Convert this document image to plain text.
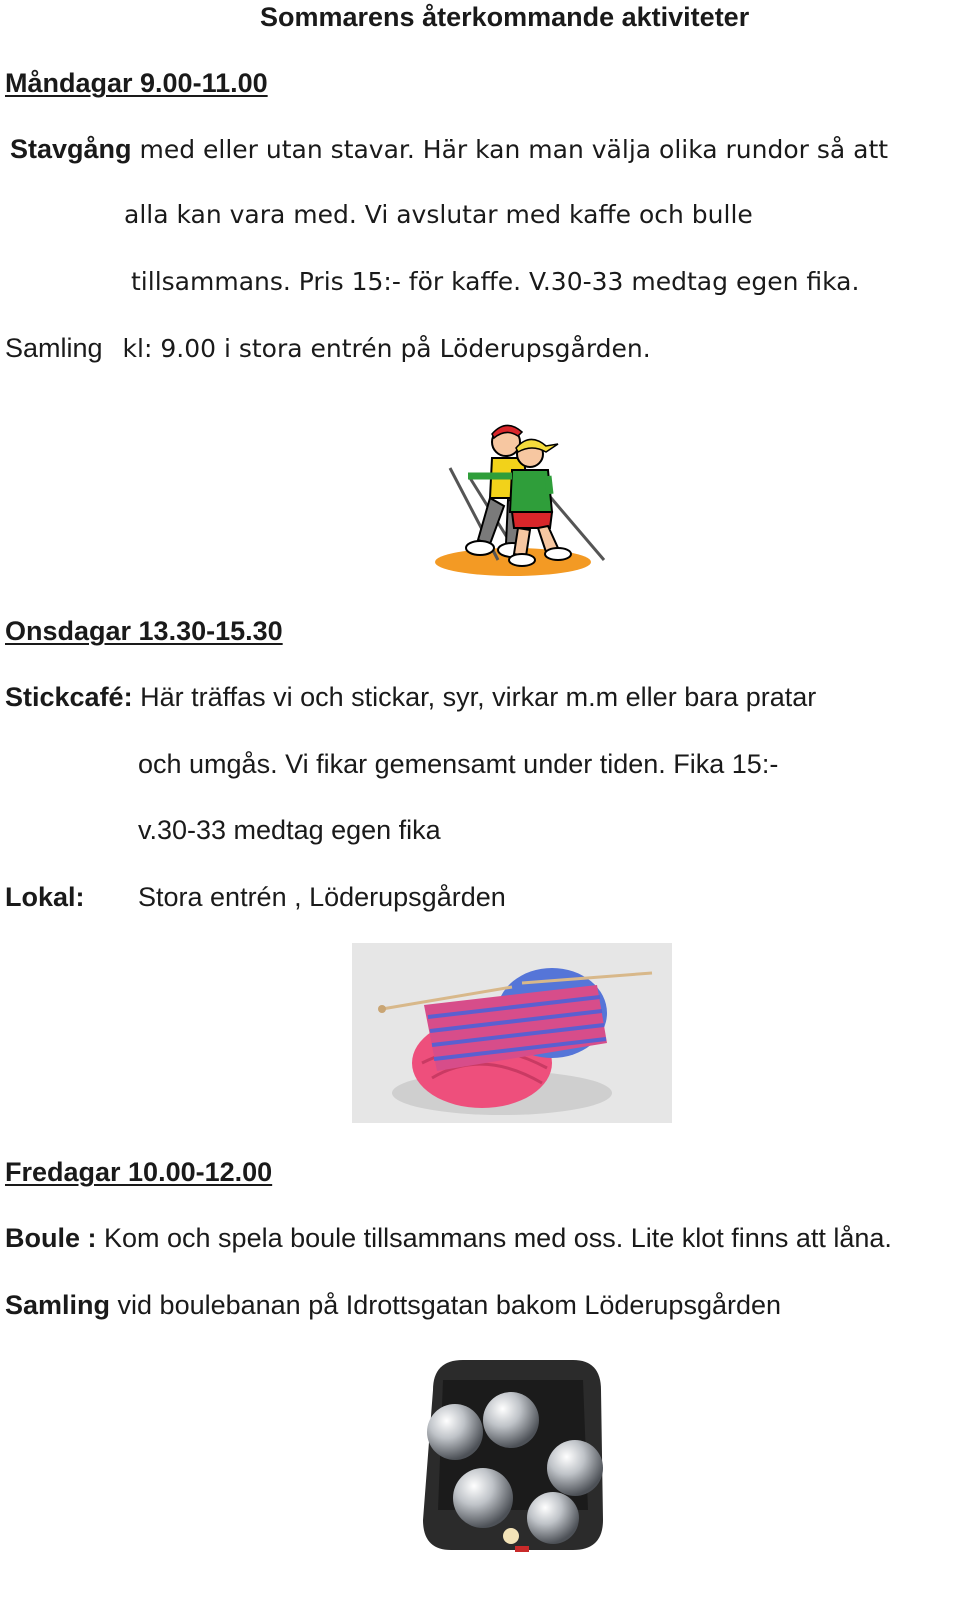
Sommarens återkommande aktiviteter
Måndagar 9.00-11.00
Stavgång med eller utan stavar. Här kan man välja olika rundor så att
alla kan vara med. Vi avslutar med kaffe och bulle
tillsammans. Pris 15:- för kaffe. V.30-33 medtag egen fika.
Samling kl: 9.00 i stora entrén på Löderupsgården.
Onsdagar 13.30-15.30
Stickcafé: Här träffas vi och stickar, syr, virkar m.m eller bara pratar
och umgås. Vi fikar gemensamt under tiden. Fika 15:-
v.30-33 medtag egen fika
Lokal: Stora entrén , Löderupsgården
Fredagar 10.00-12.00
Boule : Kom och spela boule tillsammans med oss. Lite klot finns att låna.
Samling vid boulebanan på Idrottsgatan bakom Löderupsgården
